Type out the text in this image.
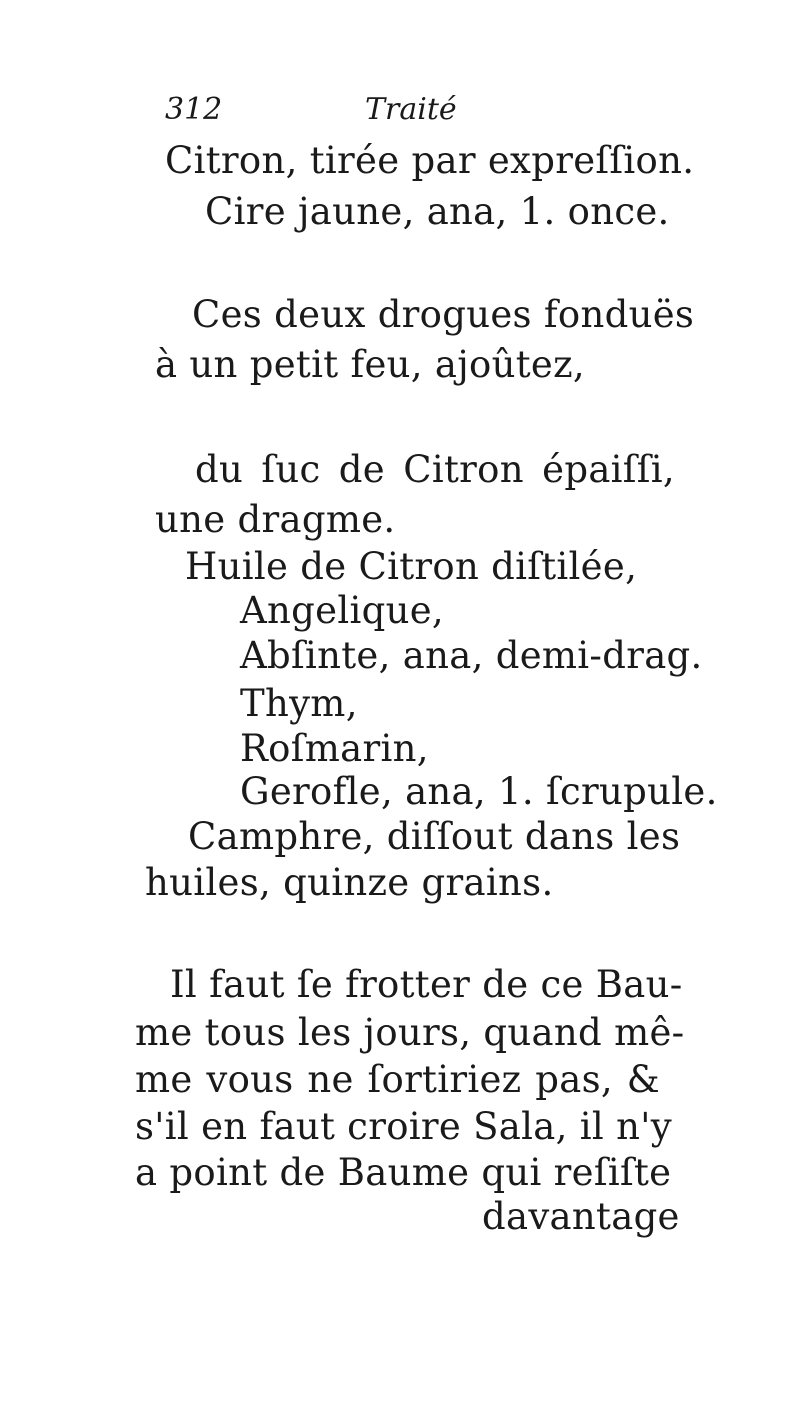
312	Traité
Citron, tirée par expreſſion.
Cire jaune, ana, 1. once.
Ces deux drogues fonduës
à un petit feu, ajoûtez,
du ſuc de Citron épaiſſi,
une dragme.
Huile de Citron diſtilée,
Angelique,
Abſinte, ana, demi-drag.
Thym,
Roſmarin,
Gerofle, ana, 1. ſcrupule.
Camphre, diſſout dans les
huiles, quinze grains.
Il faut ſe frotter de ce Bau-
me tous les jours, quand mê-
me vous ne ſortiriez pas, &
s'il en faut croire Sala, il n'y
a point de Baume qui reſiſte
davantage
